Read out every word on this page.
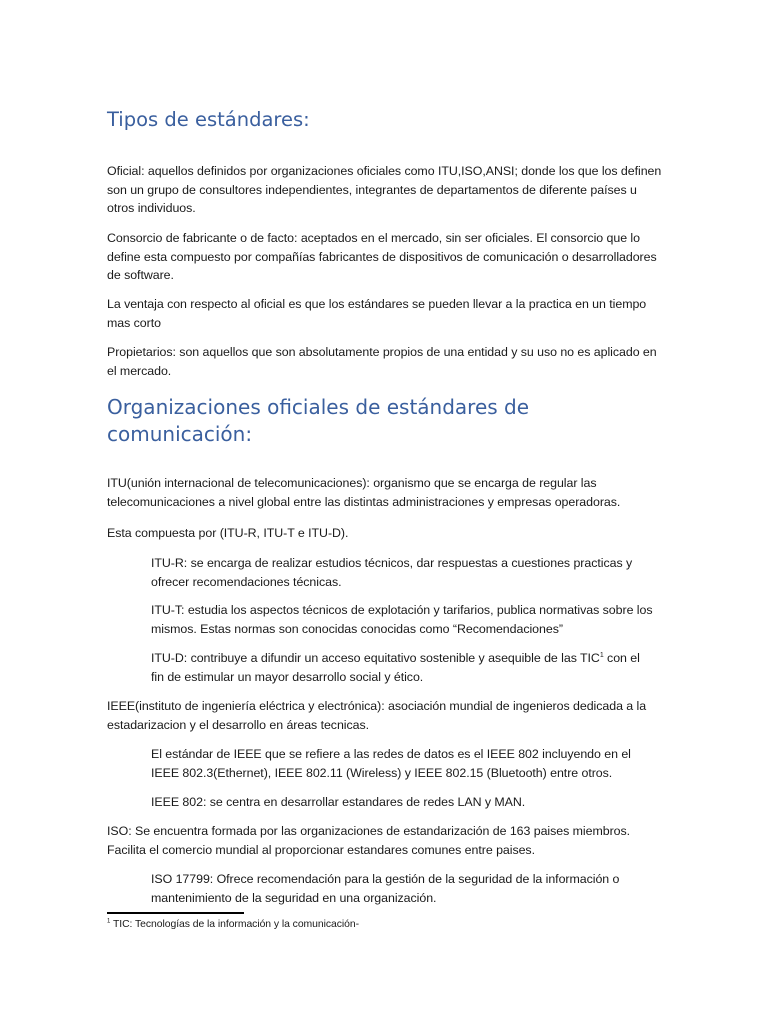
Tipos de estándares:

Oficial: aquellos definidos por organizaciones oficiales como ITU,ISO,ANSI; donde los que los definen son un grupo de consultores independientes, integrantes de departamentos de diferente países u otros individuos.

Consorcio de fabricante o de facto: aceptados en el mercado, sin ser oficiales. El consorcio que lo define esta compuesto por compañías fabricantes de dispositivos de comunicación o desarrolladores de software.

La ventaja con respecto al oficial es que los estándares se pueden llevar a la practica en un tiempo mas corto

Propietarios: son aquellos que son absolutamente propios de una entidad y su uso no es aplicado en el mercado.

Organizaciones oficiales de estándares de comunicación:

ITU(unión internacional de telecomunicaciones): organismo que se encarga de regular las telecomunicaciones a nivel global entre las distintas administraciones y empresas operadoras.

Esta compuesta por (ITU-R, ITU-T e ITU-D).

ITU-R: se encarga de realizar estudios técnicos, dar respuestas a cuestiones practicas y ofrecer recomendaciones técnicas.

ITU-T: estudia los aspectos técnicos de explotación y tarifarios, publica normativas sobre los mismos. Estas normas son conocidas conocidas como “Recomendaciones”

ITU-D: contribuye a difundir un acceso equitativo sostenible y asequible de las TIC$^1$ con el fin de estimular un mayor desarrollo social y ético.

IEEE(instituto de ingeniería eléctrica y electrónica): asociación mundial de ingenieros dedicada a la estadarizacion y el desarrollo en áreas tecnicas.

El estándar de IEEE que se refiere a las redes de datos es el IEEE 802 incluyendo en el IEEE 802.3(Ethernet), IEEE 802.11 (Wireless) y IEEE 802.15 (Bluetooth) entre otros.

IEEE 802: se centra en desarrollar estandares de redes LAN y MAN.

ISO: Se encuentra formada por las organizaciones de estandarización de 163 paises miembros. Facilita el comercio mundial al proporcionar estandares comunes entre paises.

ISO 17799: Ofrece recomendación para la gestión de la seguridad de la información o mantenimiento de la seguridad en una organización.

$^1$ TIC: Tecnologías de la información y la comunicación-
